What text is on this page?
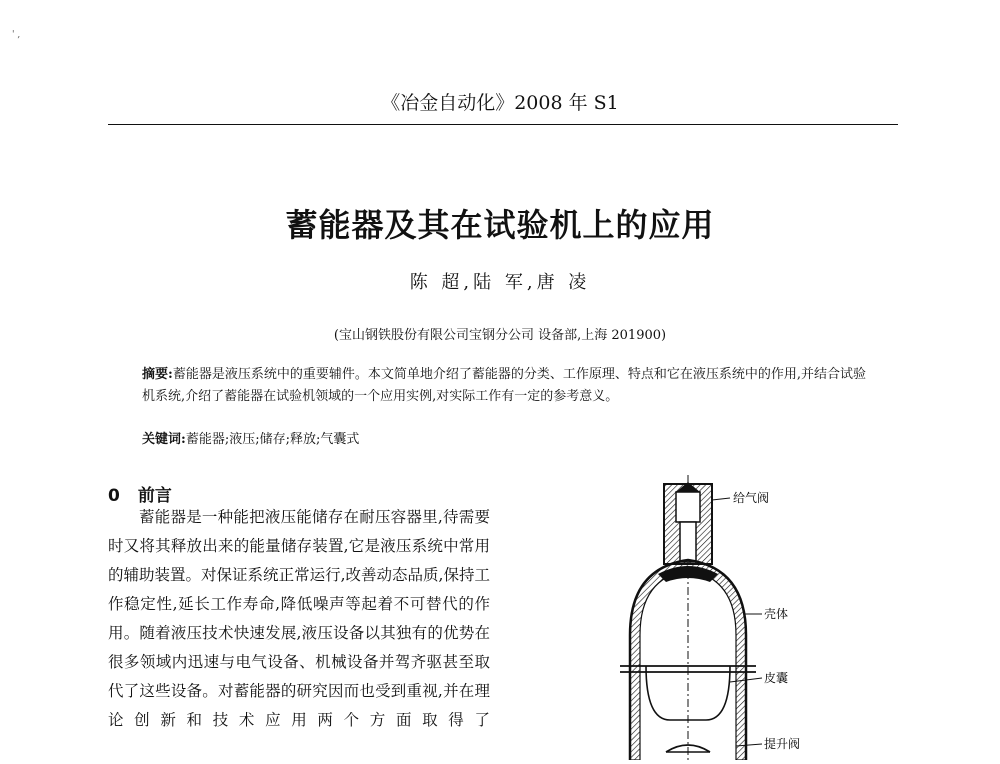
' ,
《冶金自动化》2008 年 S1
蓄能器及其在试验机上的应用
陈 超,陆 军,唐 凌
(宝山钢铁股份有限公司宝钢分公司 设备部,上海 201900)
摘要:蓄能器是液压系统中的重要辅件。本文简单地介绍了蓄能器的分类、工作原理、特点和它在液压系统中的作用,并结合试验机系统,介绍了蓄能器在试验机领域的一个应用实例,对实际工作有一定的参考意义。
关键词:蓄能器;液压;储存;释放;气囊式
0 前言

蓄能器是一种能把液压能储存在耐压容器里,待需要时又将其释放出来的能量储存装置,它是液压系统中常用的辅助装置。对保证系统正常运行,改善动态品质,保持工作稳定性,延长工作寿命,降低噪声等起着不可替代的作用。随着液压技术快速发展,液压设备以其独有的优势在很多领域内迅速与电气设备、机械设备并驾齐驱甚至取代了这些设备。对蓄能器的研究因而也受到重视,并在理论创新和技术应用两个方面取得了

给气阀
壳体
皮囊
提升阀
